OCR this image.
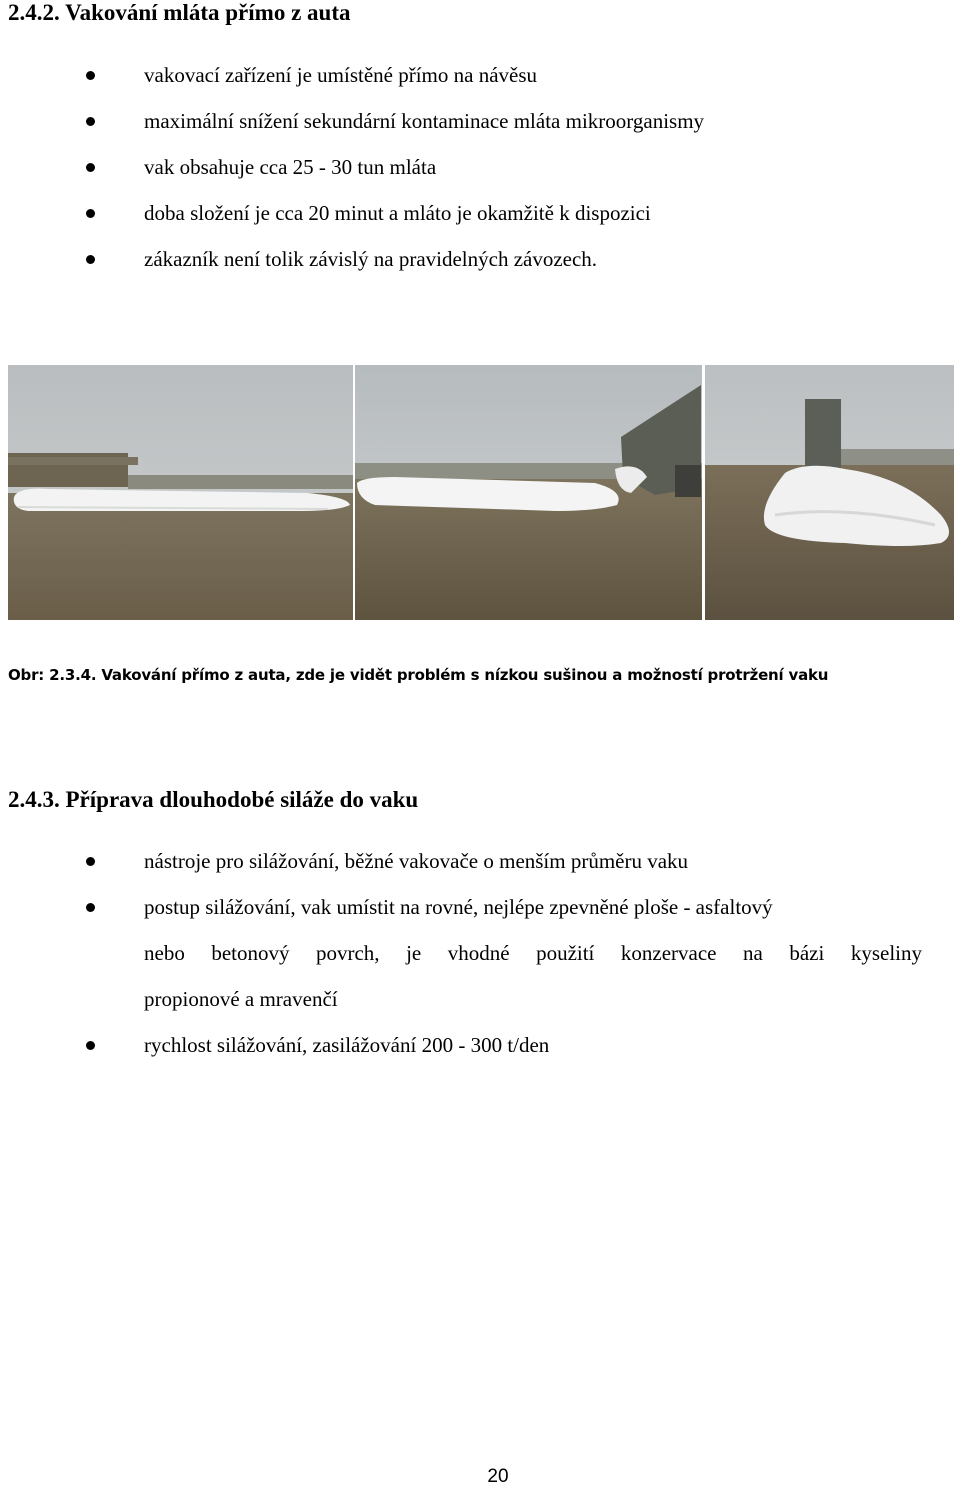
2.4.2. Vakování mláta přímo z auta
vakovací zařízení je umístěné přímo na návěsu
maximální snížení sekundární kontaminace mláta mikroorganismy
vak obsahuje cca 25 - 30 tun mláta
doba složení je cca 20 minut a mláto je okamžitě k dispozici
zákazník není tolik závislý na pravidelných závozech.
Obr: 2.3.4. Vakování přímo z auta, zde je vidět problém s nízkou sušinou a možností protržení vaku
2.4.3. Příprava dlouhodobé siláže do vaku
nástroje pro silážování, běžné vakovače o menším průměru vaku
postup silážování, vak umístit na rovné, nejlépe zpevněné ploše - asfaltový
nebo betonový povrch, je vhodné použití konzervace na bázi kyseliny
propionové a mravenčí
rychlost silážování, zasilážování 200 - 300 t/den
20
